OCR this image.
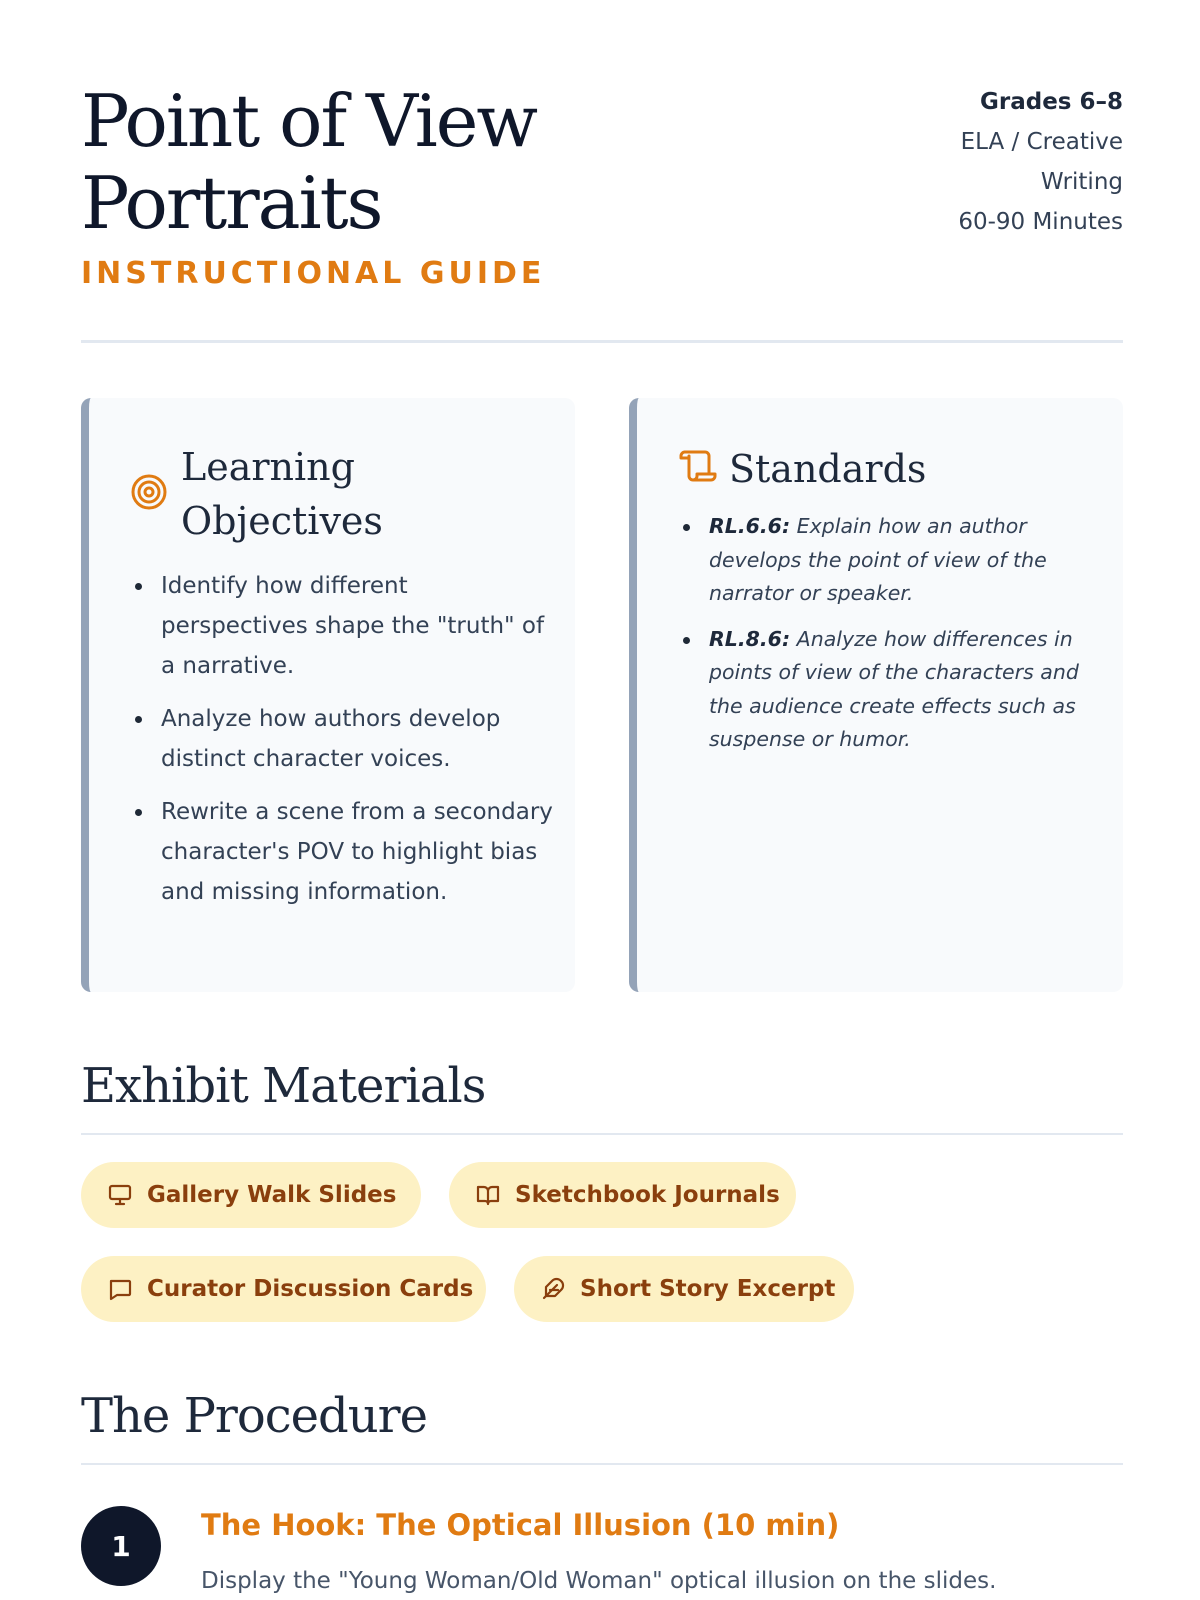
Point of View
Portraits
INSTRUCTIONAL GUIDE
Grades 6–8
ELA / Creative
Writing
60-90 Minutes
Learning
Objectives
Identify how different perspectives shape the "truth" of a narrative.
Analyze how authors develop distinct character voices.
Rewrite a scene from a secondary character's POV to highlight bias and missing information.
Standards
RL.6.6: Explain how an author develops the point of view of the narrator or speaker.
RL.8.6: Analyze how differences in points of view of the characters and the audience create effects such as suspense or humor.
Exhibit Materials
Gallery Walk Slides	Sketchbook Journals
Curator Discussion Cards	Short Story Excerpt
The Procedure
1
The Hook: The Optical Illusion (10 min)
Display the "Young Woman/Old Woman" optical illusion on the slides.
